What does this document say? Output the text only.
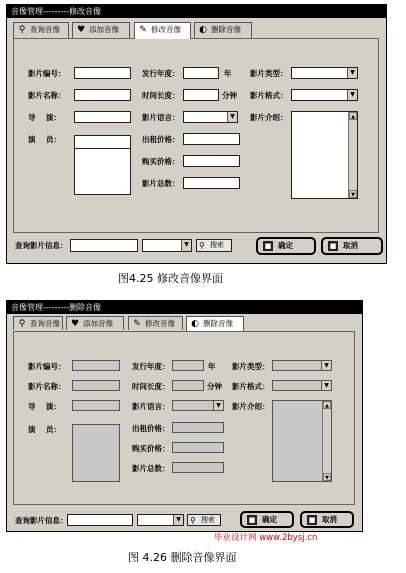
音像管理---------修改音像
⚲ 查询音像	♥ 添加音像	✎ 修改音像	◐ 删除音像
影片编号：
影片名称：
导    演：
演    员：
发行年度：	年
时间长度：	分钟
影片语言：	▼
出租价格：
购买价格：
影片总数：
影片类型：	▼
影片格式：	▼
影片介绍：	▲
▼
查询影片信息：	▼ ⚲ 搜索	■ 确定	■ 取消
图4.25 修改音像界面
音像管理---------删除音像
⚲ 查询音像	♥ 添加音像	✎ 修改音像	◐ 删除音像
影片编号：
影片名称：
导    演：
演    员：
发行年度：	年
时间长度：	分钟
影片语言：	▼
出租价格：
购买价格：
影片总数：
影片类型：	▼
影片格式：	▼
影片介绍：	▲
▼
查询影片信息：	▼ ⚲ 搜索	■ 确定	■ 取消
毕业设计网 www.2bysj.cn
图 4.26 删除音像界面
